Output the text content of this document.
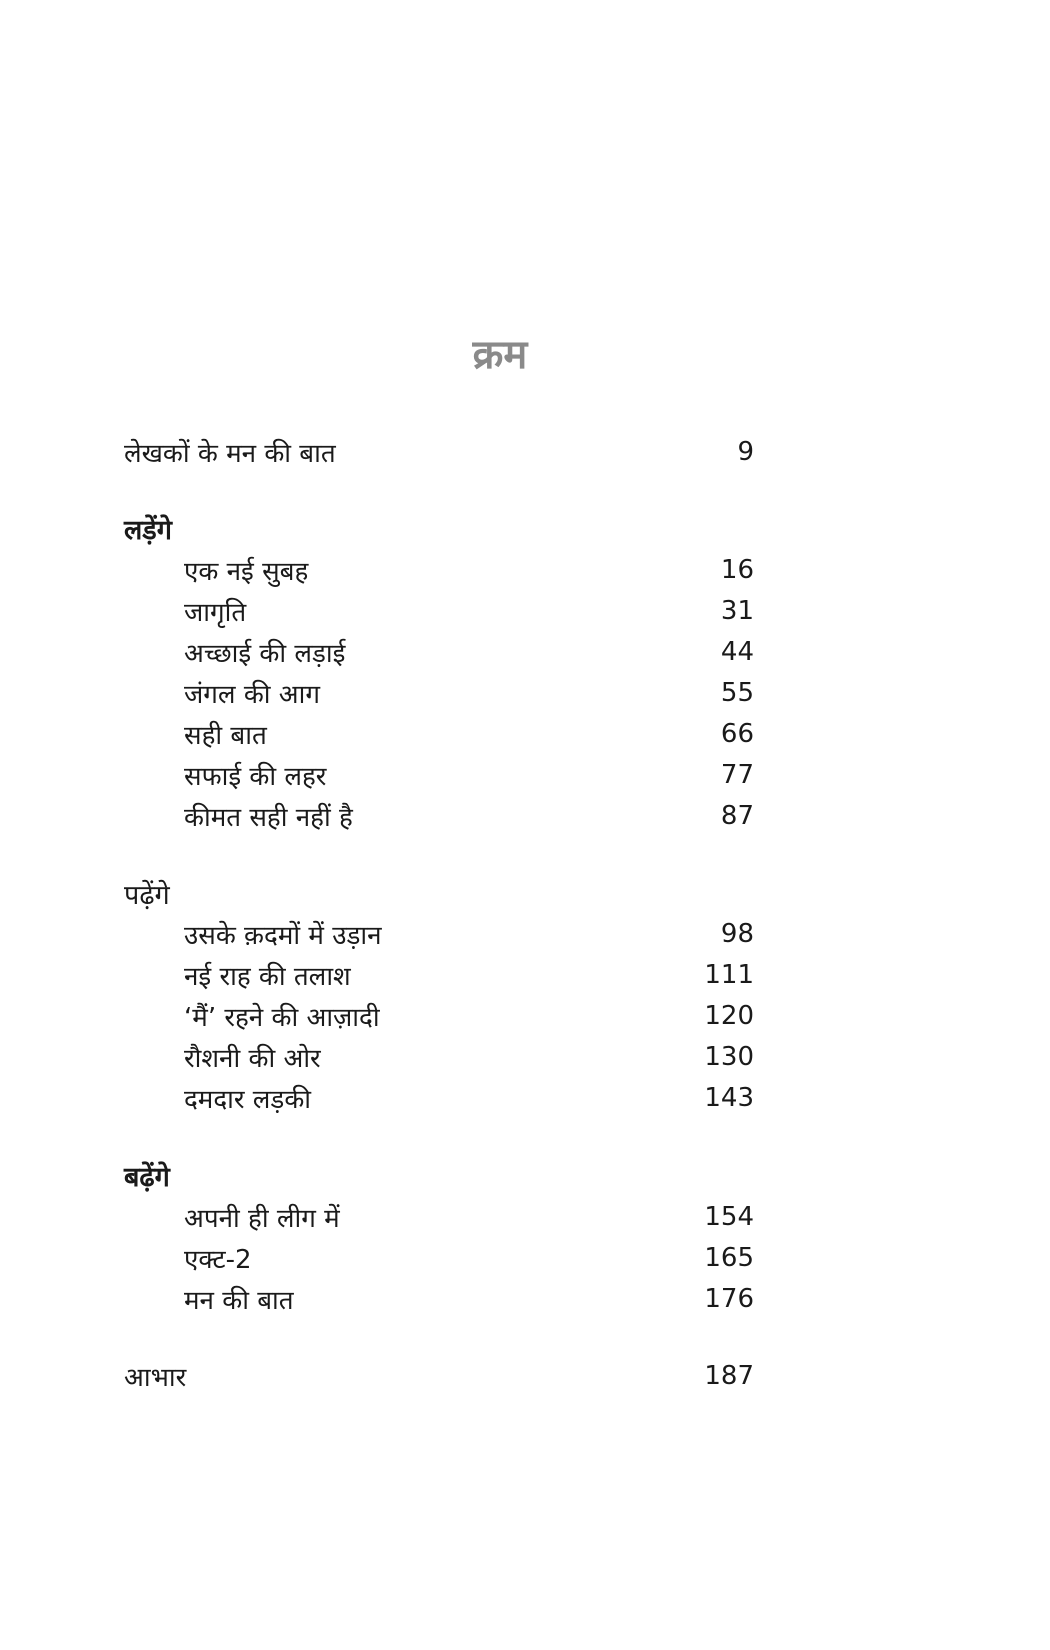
क्रम
लेखकों के मन की बात	9
लड़ेंगे
एक नई सुबह	16
जागृति	31
अच्छाई की लड़ाई	44
जंगल की आग	55
सही बात	66
सफाई की लहर	77
कीमत सही नहीं है	87
पढ़ेंगे
उसके क़दमों में उड़ान	98
नई राह की तलाश	111
‘मैं’ रहने की आज़ादी	120
रौशनी की ओर	130
दमदार लड़की	143
बढ़ेंगे
अपनी ही लीग में	154
एक्ट-2	165
मन की बात	176
आभार	187
